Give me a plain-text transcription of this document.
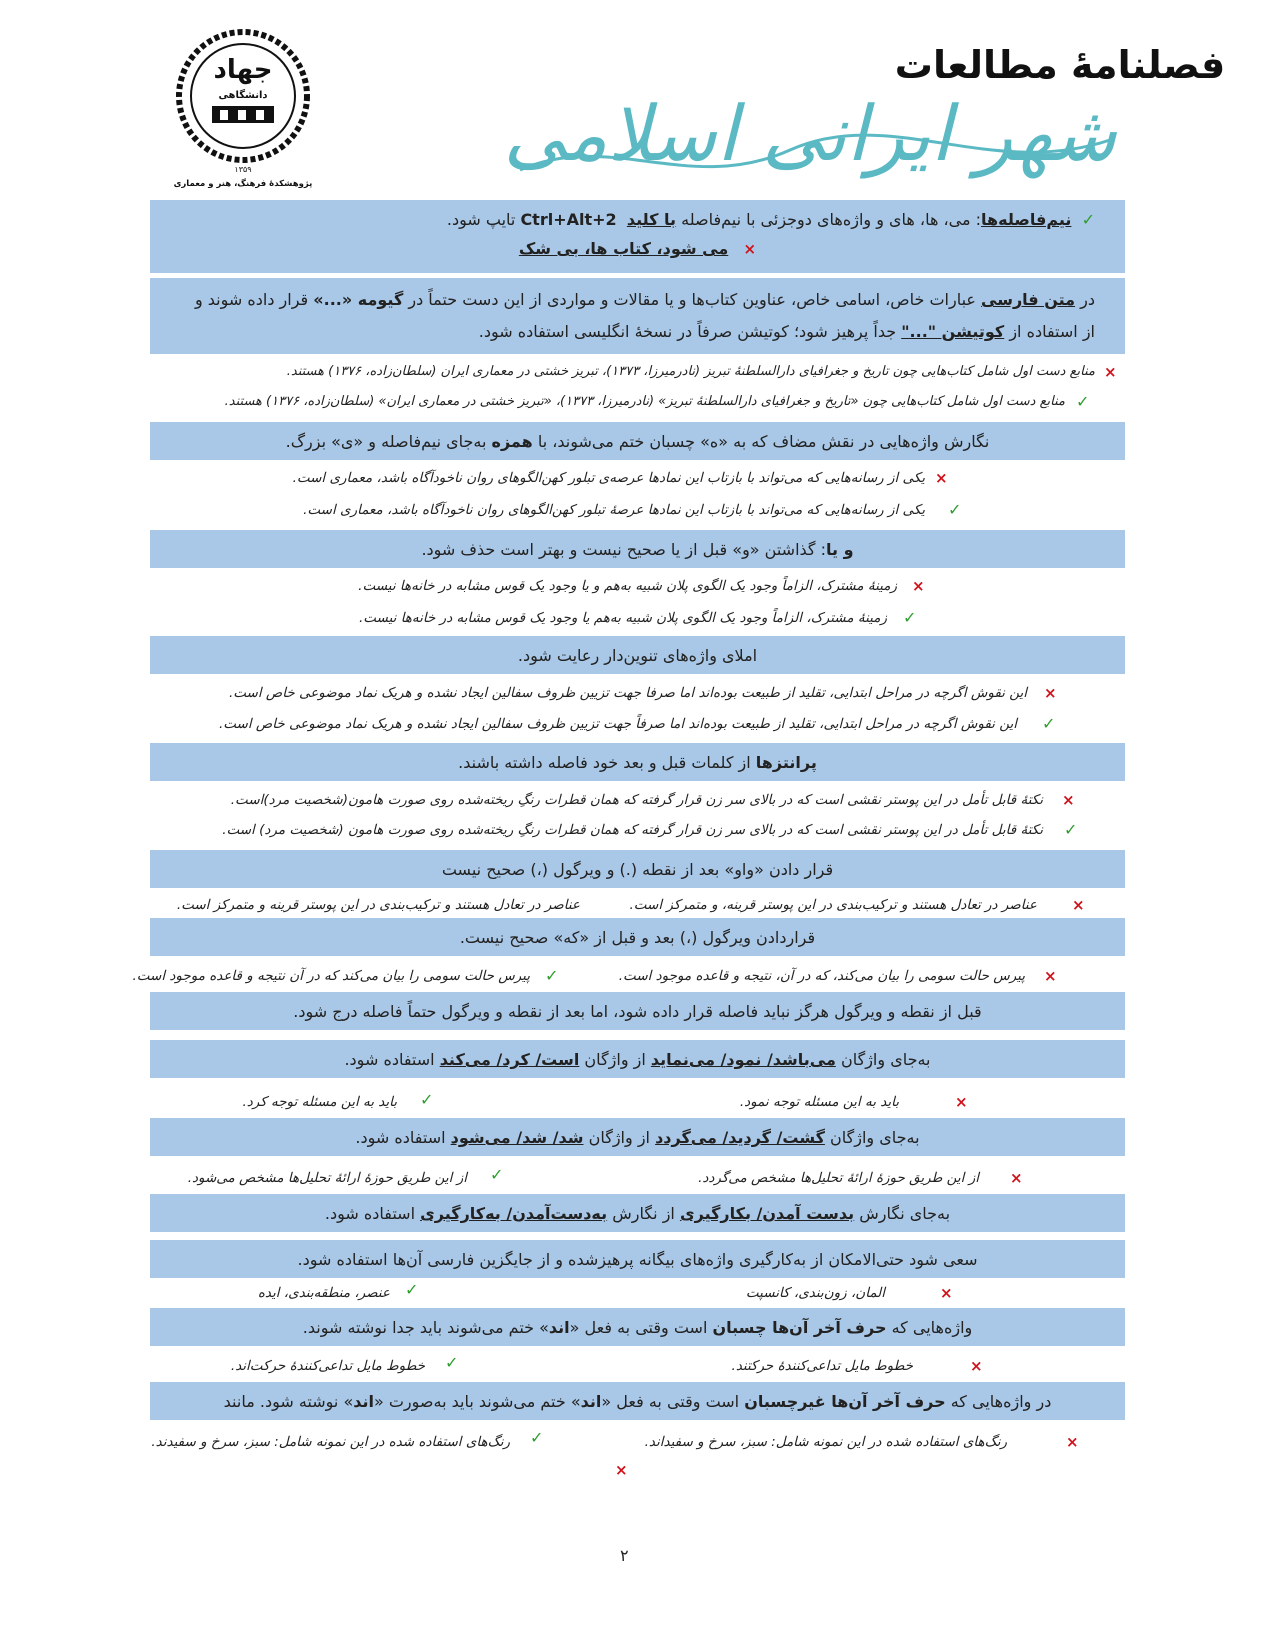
جهاد
دانشگاهی
۱۳۵۹
پژوهشکدهٔ فرهنگ، هنر و معماری
فصلنامهٔ مطالعات
شهر ایرانی اسلامی
✓  نیم‌فاصله‌ها: می، ها، های و واژه‌های دوجزئی با نیم‌فاصله با کلید  Ctrl+Alt+2 تایپ شود.
×   می شود، کتاب ها، بی شک
در متن فارسی عبارات خاص، اسامی خاص، عناوین کتاب‌ها و یا مقالات و مواردی از این دست حتماً در گیومه «...» قرار داده شوند و از استفاده از کوتیشن "..." جداً پرهیز شود؛ کوتیشن صرفاً در نسخهٔ انگلیسی استفاده شود.
×
منابع دست اول شامل کتاب‌هایی چون تاریخ و جغرافیای دارالسلطنهٔ تبریز (نادرمیرزا، ۱۳۷۳)، تبریز خشتی در معماری ایران (سلطان‌زاده، ۱۳۷۶) هستند.
✓
منابع دست اول شامل کتاب‌هایی چون «تاریخ و جغرافیای دارالسلطنهٔ تبریز» (نادرمیرزا، ۱۳۷۳)، «تبریز خشتی در معماری ایران» (سلطان‌زاده، ۱۳۷۶) هستند.
نگارش واژه‌هایی در نقش مضاف که به «ه» چسبان ختم می‌شوند، با همزه به‌جای نیم‌فاصله و «ی» بزرگ.
×
یکی از رسانه‌هایی که می‌تواند با بازتاب این نمادها عرصه‌ی تبلور کهن‌الگوهای روان ناخودآگاه باشد، معماری است.
✓
یکی از رسانه‌هایی که می‌تواند با بازتاب این نمادها عرصهٔ تبلور کهن‌الگوهای روان ناخودآگاه باشد، معماری است.
و یا: گذاشتن «و» قبل از یا صحیح نیست و بهتر است حذف شود.
×
زمینهٔ مشترک، الزاماً وجود یک الگوی پلان شبیه به‌هم و یا وجود یک قوس مشابه در خانه‌ها نیست.
✓
زمینهٔ مشترک، الزاماً وجود یک الگوی پلان شبیه به‌هم یا وجود یک قوس مشابه در خانه‌ها نیست.
املای واژه‌های تنوین‌دار رعایت شود.
×
این نقوش اگرچه در مراحل ابتدایی، تقلید از طبیعت بوده‌اند اما صرفا جهت تزیین ظروف سفالین ایجاد نشده و هریک نماد موضوعی خاص است.
✓
این نقوش اگرچه در مراحل ابتدایی، تقلید از طبیعت بوده‌اند اما صرفاً جهت تزیین ظروف سفالین ایجاد نشده و هریک نماد موضوعی خاص است.
پرانتزها از کلمات قبل و بعد خود فاصله داشته باشند.
×
نکتهٔ قابل تأمل در این پوستر نقشی است که در بالای سر زن قرار گرفته که همان قطرات رنگِ ریخته‌شده روی صورت هامون(شخصیت مرد)است.
✓
نکتهٔ قابل تأمل در این پوستر نقشی است که در بالای سر زن قرار گرفته که همان قطرات رنگِ ریخته‌شده روی صورت هامون (شخصیت مرد) است.
قرار دادن «واو» بعد از نقطه (.) و ویرگول (،) صحیح نیست
×
عناصر در تعادل هستند و ترکیب‌بندی در این پوستر قرینه، و متمرکز است.
عناصر در تعادل هستند و ترکیب‌بندی در این پوستر قرینه و متمرکز است.
قراردادن ویرگول (،) بعد و قبل از «که» صحیح نیست.
×
پیرس حالت سومی را بیان می‌کند، که در آن، نتیجه و قاعده موجود است.
✓
پیرس حالت سومی را بیان می‌کند که در آن نتیجه و قاعده موجود است.
قبل از نقطه و ویرگول هرگز نباید فاصله قرار داده شود، اما بعد از نقطه و ویرگول حتماً فاصله درج شود.
به‌جای واژگان می‌باشد/ نمود/ می‌نماید از واژگان است/ کرد/ می‌کند استفاده شود.
×
باید به این مسئله توجه نمود.
✓
باید به این مسئله توجه کرد.
به‌جای واژگان گشت/ گردید/ می‌گردد از واژگان شد/ شد/ می‌شود استفاده شود.
×
از این طریق حوزهٔ ارائهٔ تحلیل‌ها مشخص می‌گردد.
✓
از این طریق حوزهٔ ارائهٔ تحلیل‌ها مشخص می‌شود.
به‌جای نگارش بدست آمدن/ بکارگیری از نگارش به‌دست‌آمدن/ به‌کارگیری استفاده شود.
سعی شود حتی‌الامکان از به‌کارگیری واژه‌های بیگانه پرهیزشده و از جایگزین فارسی آن‌ها استفاده شود.
×
المان، زون‌بندی، کانسپت
✓
عنصر، منطقه‌بندی، ایده
واژه‌هایی که حرف آخر آن‌ها چسبان است وقتی به فعل «اند» ختم می‌شوند باید جدا نوشته شوند.
×
خطوط مایل تداعی‌کنندهٔ حرکتند.
✓
خطوط مایل تداعی‌کنندهٔ حرکت‌اند.
در واژه‌هایی که حرف آخر آن‌ها غیرچسبان است وقتی به فعل «اند» ختم می‌شوند باید به‌صورت «اند» نوشته شود. مانند
×
رنگ‌های استفاده شده در این نمونه شامل: سبز، سرخ و سفیداند.
✓
رنگ‌های استفاده شده در این نمونه شامل: سبز، سرخ و سفیدند.
×
۲
